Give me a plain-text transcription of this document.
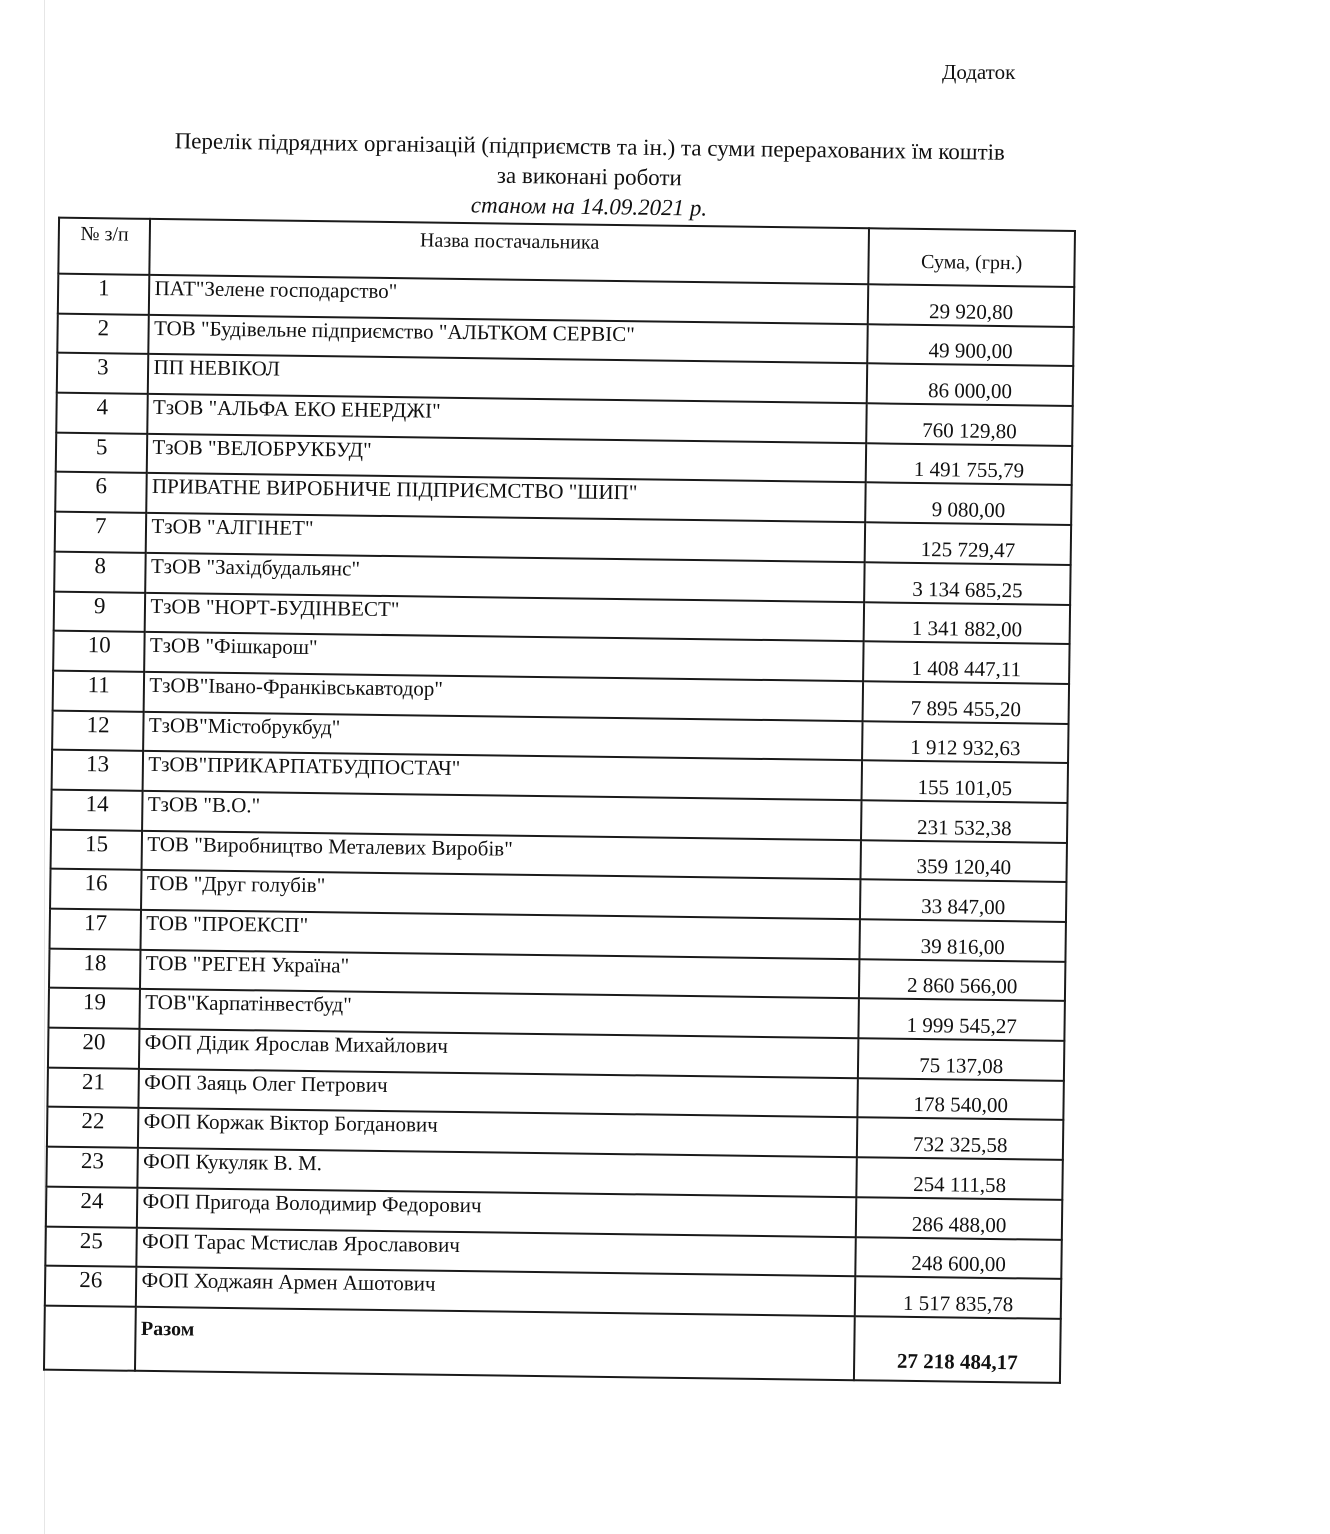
Додаток
Перелік підрядних організацій (підприємств та ін.) та суми перерахованих їм коштів
за виконані роботи
станом на 14.09.2021 р.
№ з/п	Назва постачальника	Сума, (грн.)
1	ПАТ"Зелене господарство"	29 920,80
2	ТОВ "Будівельне підприємство "АЛЬТКОМ СЕРВІС"	49 900,00
3	ПП НЕВІКОЛ	86 000,00
4	ТзОВ "АЛЬФА ЕКО ЕНЕРДЖІ"	760 129,80
5	ТзОВ "ВЕЛОБРУКБУД"	1 491 755,79
6	ПРИВАТНЕ ВИРОБНИЧЕ ПІДПРИЄМСТВО "ШИП"	9 080,00
7	ТзОВ "АЛГІНЕТ"	125 729,47
8	ТзОВ "Західбудальянс"	3 134 685,25
9	ТзОВ "НОРТ-БУДІНВЕСТ"	1 341 882,00
10	ТзОВ "Фішкарош"	1 408 447,11
11	ТзОВ"Івано-Франківськавтодор"	7 895 455,20
12	ТзОВ"Містобрукбуд"	1 912 932,63
13	ТзОВ"ПРИКАРПАТБУДПОСТАЧ"	155 101,05
14	ТзОВ "В.О."	231 532,38
15	ТОВ "Виробництво Металевих Виробів"	359 120,40
16	ТОВ "Друг голубів"	33 847,00
17	ТОВ "ПРОЕКСП"	39 816,00
18	ТОВ "РЕГЕН Україна"	2 860 566,00
19	ТОВ"Карпатінвестбуд"	1 999 545,27
20	ФОП Дідик Ярослав Михайлович	75 137,08
21	ФОП Заяць Олег Петрович	178 540,00
22	ФОП Коржак Віктор Богданович	732 325,58
23	ФОП Кукуляк В. М.	254 111,58
24	ФОП Пригода Володимир Федорович	286 488,00
25	ФОП Тарас Мстислав Ярославович	248 600,00
26	ФОП Ходжаян Армен Ашотович	1 517 835,78
	Разом	27 218 484,17
